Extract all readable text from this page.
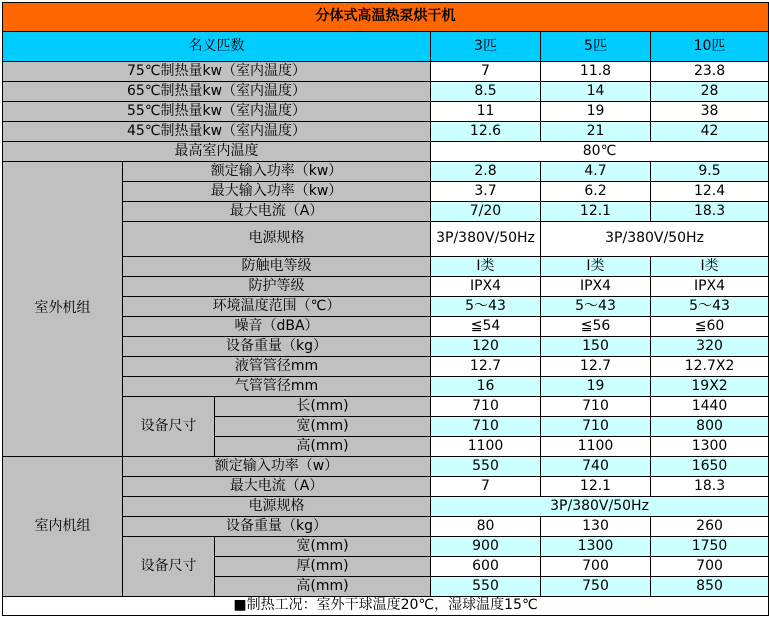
分体式高温热泵烘干机					
名义匹数			3匹	5匹	10匹
75℃制热量kw（室内温度）			7	11.8	23.8
65℃制热量kw（室内温度）			8.5	14	28
55℃制热量kw（室内温度）			11	19	38
45℃制热量kw（室内温度）			12.6	21	42
最高室内温度			80℃		
室外机组	额定输入功率（kw）		2.8	4.7	9.5
	最大输入功率（kw）		3.7	6.2	12.4
	最大电流（A）		7/20	12.1	18.3
	电源规格		3P/380V/50Hz	3P/380V/50Hz	
	防触电等级		Ⅰ类	Ⅰ类	Ⅰ类
	防护等级		IPX4	IPX4	IPX4
	环境温度范围（℃）		5～43	5～43	5～43
	噪音（dBA）		≦54	≦56	≦60
	设备重量（kg）		120	150	320
	液管管径mm		12.7	12.7	12.7X2
	气管管径mm		16	19	19X2
	设备尺寸	长(mm)	710	710	1440
		宽(mm)	710	710	800
		高(mm)	1100	1100	1300
室内机组	额定输入功率（w）		550	740	1650
	最大电流（A）		7	12.1	18.3
	电源规格		3P/380V/50Hz		
	设备重量（kg）		80	130	260
	设备尺寸	宽(mm)	900	1300	1750
		厚(mm)	600	700	700
		高(mm)	550	750	850
■制热工况：室外干球温度20℃，湿球温度15℃					
